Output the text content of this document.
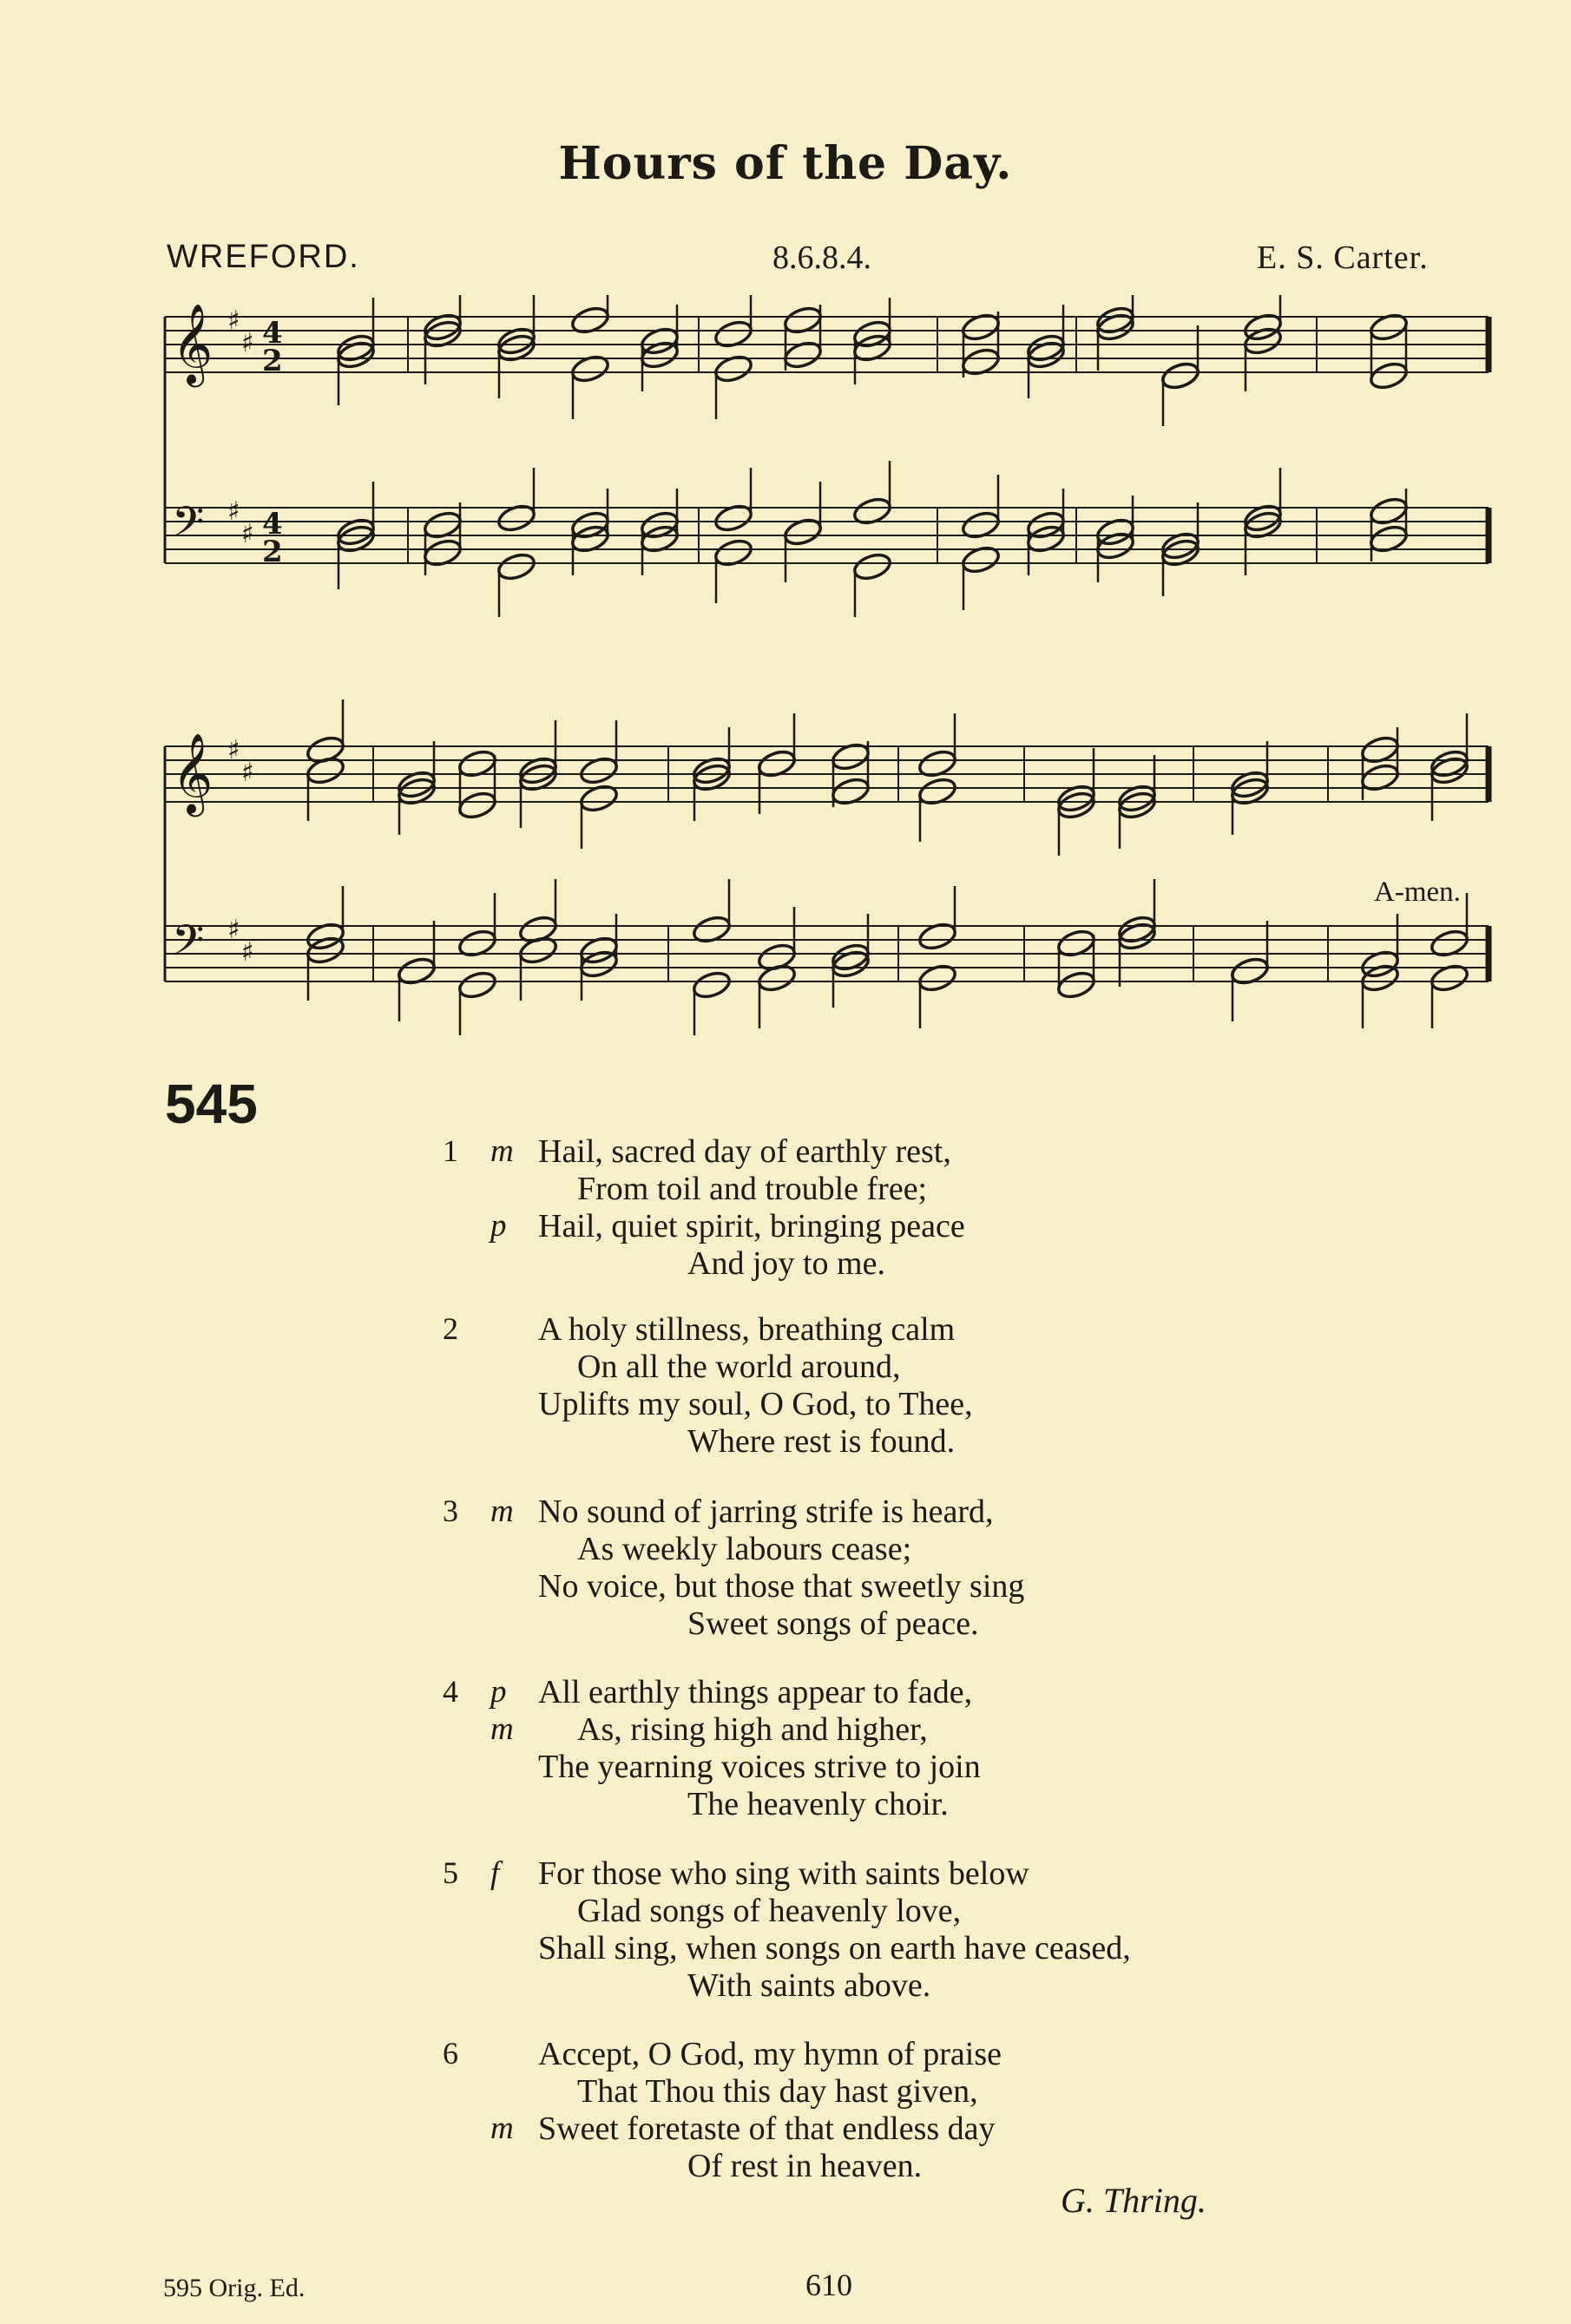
Hours of the Day.
WREFORD.	8.6.8.4.	E. S. Carter.
𝄞 ♯
♯
𝄢 ♯
♯
𝄞 ♯
♯
𝄢 ♯
♯
4
2
4
2
A-men.
545
1 m Hail, sacred day of earthly rest,
From toil and trouble free;
p Hail, quiet spirit, bringing peace
And joy to me.
2 A holy stillness, breathing calm
On all the world around,
Uplifts my soul, O God, to Thee,
Where rest is found.
3 m No sound of jarring strife is heard,
As weekly labours cease;
No voice, but those that sweetly sing
Sweet songs of peace.
4 p All earthly things appear to fade,
m As, rising high and higher,
The yearning voices strive to join
The heavenly choir.
5 f For those who sing with saints below
Glad songs of heavenly love,
Shall sing, when songs on earth have ceased,
With saints above.
6 Accept, O God, my hymn of praise
That Thou this day hast given,
m Sweet foretaste of that endless day
Of rest in heaven.
G. Thring.
595 Orig. Ed.	610
